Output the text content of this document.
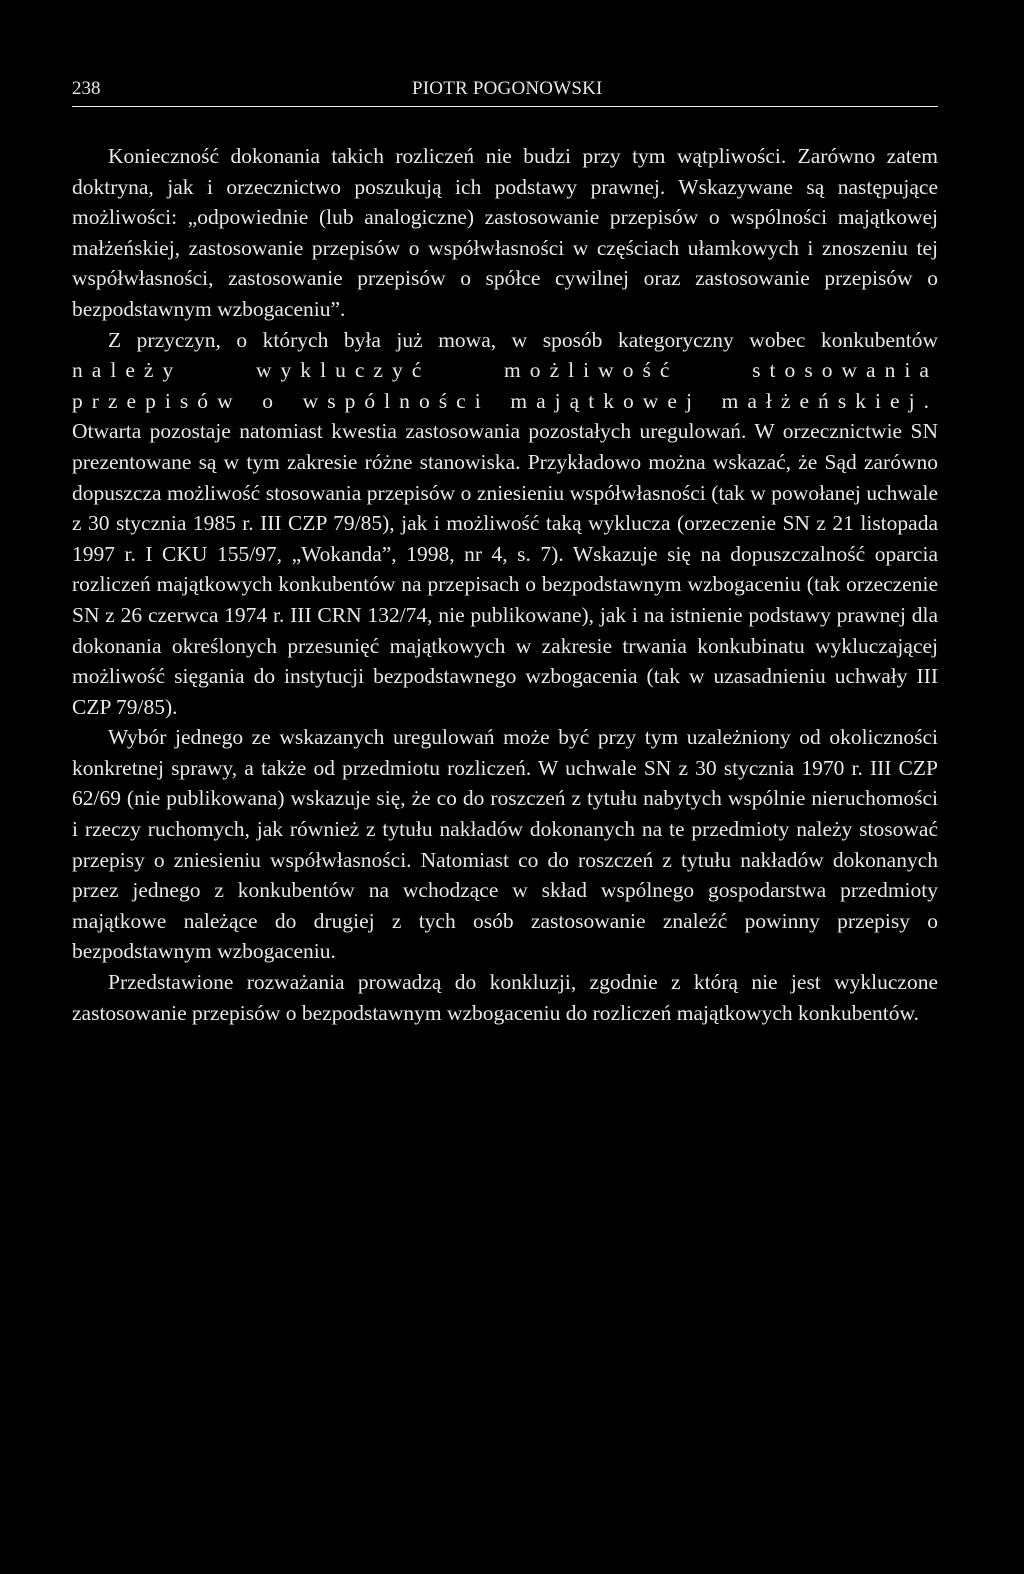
238	PIOTR POGONOWSKI

Konieczność dokonania takich rozliczeń nie budzi przy tym wątpliwości. Zarówno zatem doktryna, jak i orzecznictwo poszukują ich podstawy prawnej. Wskazywane są następujące możliwości: „odpowiednie (lub analogiczne) zastosowanie przepisów o wspólności majątkowej małżeńskiej, zastosowanie przepisów o współwłasności w częściach ułamkowych i znoszeniu tej współwłasności, zastosowanie przepisów o spółce cywilnej oraz zastosowanie przepisów o bezpodstawnym wzbogaceniu”.

Z przyczyn, o których była już mowa, w sposób kategoryczny wobec konkubentów należy wykluczyć możliwość stosowania przepisów o wspólności majątkowej małżeńskiej. Otwarta pozostaje natomiast kwestia zastosowania pozostałych uregulowań. W orzecznictwie SN prezentowane są w tym zakresie różne stanowiska. Przykładowo można wskazać, że Sąd zarówno dopuszcza możliwość stosowania przepisów o zniesieniu współwłasności (tak w powołanej uchwale z 30 stycznia 1985 r. III CZP 79/85), jak i możliwość taką wyklucza (orzeczenie SN z 21 listopada 1997 r. I CKU 155/97, „Wokanda”, 1998, nr 4, s. 7). Wskazuje się na dopuszczalność oparcia rozliczeń majątkowych konkubentów na przepisach o bezpodstawnym wzbogaceniu (tak orzeczenie SN z 26 czerwca 1974 r. III CRN 132/74, nie publikowane), jak i na istnienie podstawy prawnej dla dokonania określonych przesunięć majątkowych w zakresie trwania konkubinatu wykluczającej możliwość sięgania do instytucji bezpodstawnego wzbogacenia (tak w uzasadnieniu uchwały III CZP 79/85).

Wybór jednego ze wskazanych uregulowań może być przy tym uzależniony od okoliczności konkretnej sprawy, a także od przedmiotu rozliczeń. W uchwale SN z 30 stycznia 1970 r. III CZP 62/69 (nie publikowana) wskazuje się, że co do roszczeń z tytułu nabytych wspólnie nieruchomości i rzeczy ruchomych, jak również z tytułu nakładów dokonanych na te przedmioty należy stosować przepisy o zniesieniu współwłasności. Natomiast co do roszczeń z tytułu nakładów dokonanych przez jednego z konkubentów na wchodzące w skład wspólnego gospodarstwa przedmioty majątkowe należące do drugiej z tych osób zastosowanie znaleźć powinny przepisy o bezpodstawnym wzbogaceniu.

Przedstawione rozważania prowadzą do konkluzji, zgodnie z którą nie jest wykluczone zastosowanie przepisów o bezpodstawnym wzbogaceniu do rozliczeń majątkowych konkubentów.
